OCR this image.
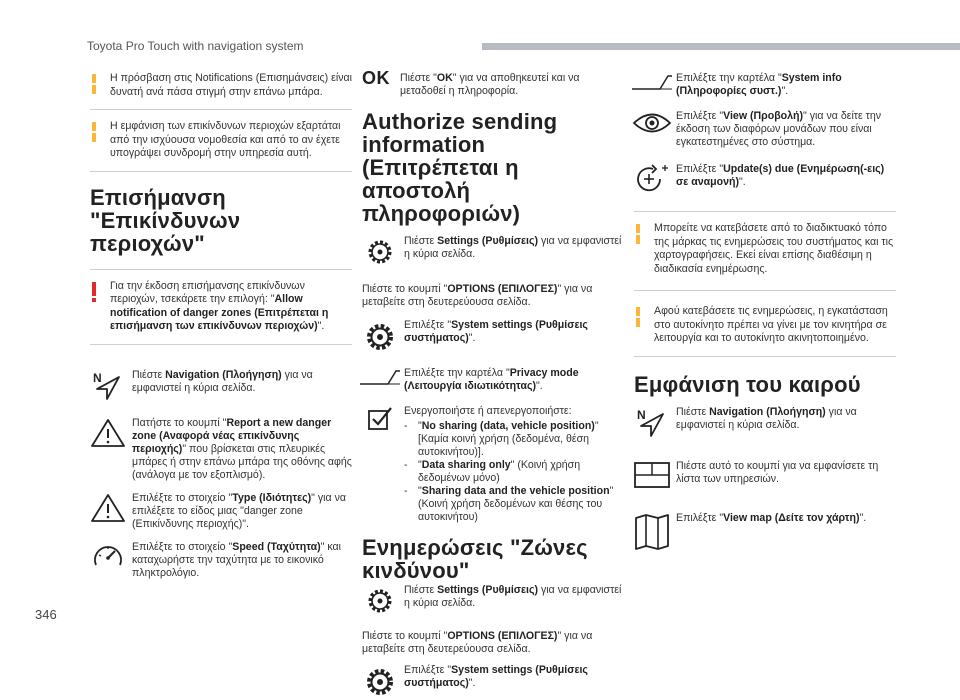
Toyota Pro Touch with navigation system
Η πρόσβαση στις Notifications (Επισημάνσεις) είναι δυνατή ανά πάσα στιγμή στην επάνω μπάρα.
Η εμφάνιση των επικίνδυνων περιοχών εξαρτάται από την ισχύουσα νομοθεσία και από το αν έχετε υπογράψει συνδρομή στην υπηρεσία αυτή.
Επισήμανση "Επικίνδυνων περιοχών"
Για την έκδοση επισήμανσης επικίνδυνων περιοχών, τσεκάρετε την επιλογή: "Allow notification of danger zones (Επιτρέπεται η επισήμανση των επικίνδυνων περιοχών)".
N	Πιέστε Navigation (Πλοήγηση) για να εμφανιστεί η κύρια σελίδα.
Πατήστε το κουμπί "Report a new danger zone (Αναφορά νέας επικίνδυνης περιοχής)" που βρίσκεται στις πλευρικές μπάρες ή στην επάνω μπάρα της οθόνης αφής (ανάλογα με τον εξοπλισμό).
Επιλέξτε το στοιχείο "Type (Ιδιότητες)" για να επιλέξετε το είδος μιας "danger zone (Επικίνδυνης περιοχής)".
Επιλέξτε το στοιχείο "Speed (Ταχύτητα)" και καταχωρήστε την ταχύτητα με το εικονικό πληκτρολόγιο.
OK Πιέστε "OK" για να αποθηκευτεί και να μεταδοθεί η πληροφορία.
Authorize sending information (Επιτρέπεται η αποστολή πληροφοριών)
Πιέστε Settings (Ρυθμίσεις) για να εμφανιστεί η κύρια σελίδα.
Πιέστε το κουμπί "OPTIONS (ΕΠΙΛΟΓΕΣ)" για να μεταβείτε στη δευτερεύουσα σελίδα.
Επιλέξτε "System settings (Ρυθμίσεις συστήματος)".
Επιλέξτε την καρτέλα "Privacy mode (Λειτουργία ιδιωτικότητας)".
Ενεργοποιήστε ή απενεργοποιήστε:
- "No sharing (data, vehicle position)" [Καμία κοινή χρήση (δεδομένα, θέση αυτοκινήτου)].
- "Data sharing only" (Κοινή χρήση δεδομένων μόνο)
- "Sharing data and the vehicle position" (Κοινή χρήση δεδομένων και θέσης του αυτοκινήτου)
Ενημερώσεις "Ζώνες κινδύνου"
Πιέστε Settings (Ρυθμίσεις) για να εμφανιστεί η κύρια σελίδα.
Πιέστε το κουμπί "OPTIONS (ΕΠΙΛΟΓΕΣ)" για να μεταβείτε στη δευτερεύουσα σελίδα.
Επιλέξτε "System settings (Ρυθμίσεις συστήματος)".
Επιλέξτε την καρτέλα "System info (Πληροφορίες συστ.)".
Επιλέξτε "View (Προβολή)" για να δείτε την έκδοση των διαφόρων μονάδων που είναι εγκατεστημένες στο σύστημα.
Επιλέξτε "Update(s) due (Ενημέρωση(-εις) σε αναμονή)".
Μπορείτε να κατεβάσετε από το διαδικτυακό τόπο της μάρκας τις ενημερώσεις του συστήματος και τις χαρτογραφήσεις. Εκεί είναι επίσης διαθέσιμη η διαδικασία ενημέρωσης.
Αφού κατεβάσετε τις ενημερώσεις, η εγκατάσταση στο αυτοκίνητο πρέπει να γίνει με τον κινητήρα σε λειτουργία και το αυτοκίνητο ακινητοποιημένο.
Εμφάνιση του καιρού
N	Πιέστε Navigation (Πλοήγηση) για να εμφανιστεί η κύρια σελίδα.
Πιέστε αυτό το κουμπί για να εμφανίσετε τη λίστα των υπηρεσιών.
Επιλέξτε "View map (Δείτε τον χάρτη)".
346
